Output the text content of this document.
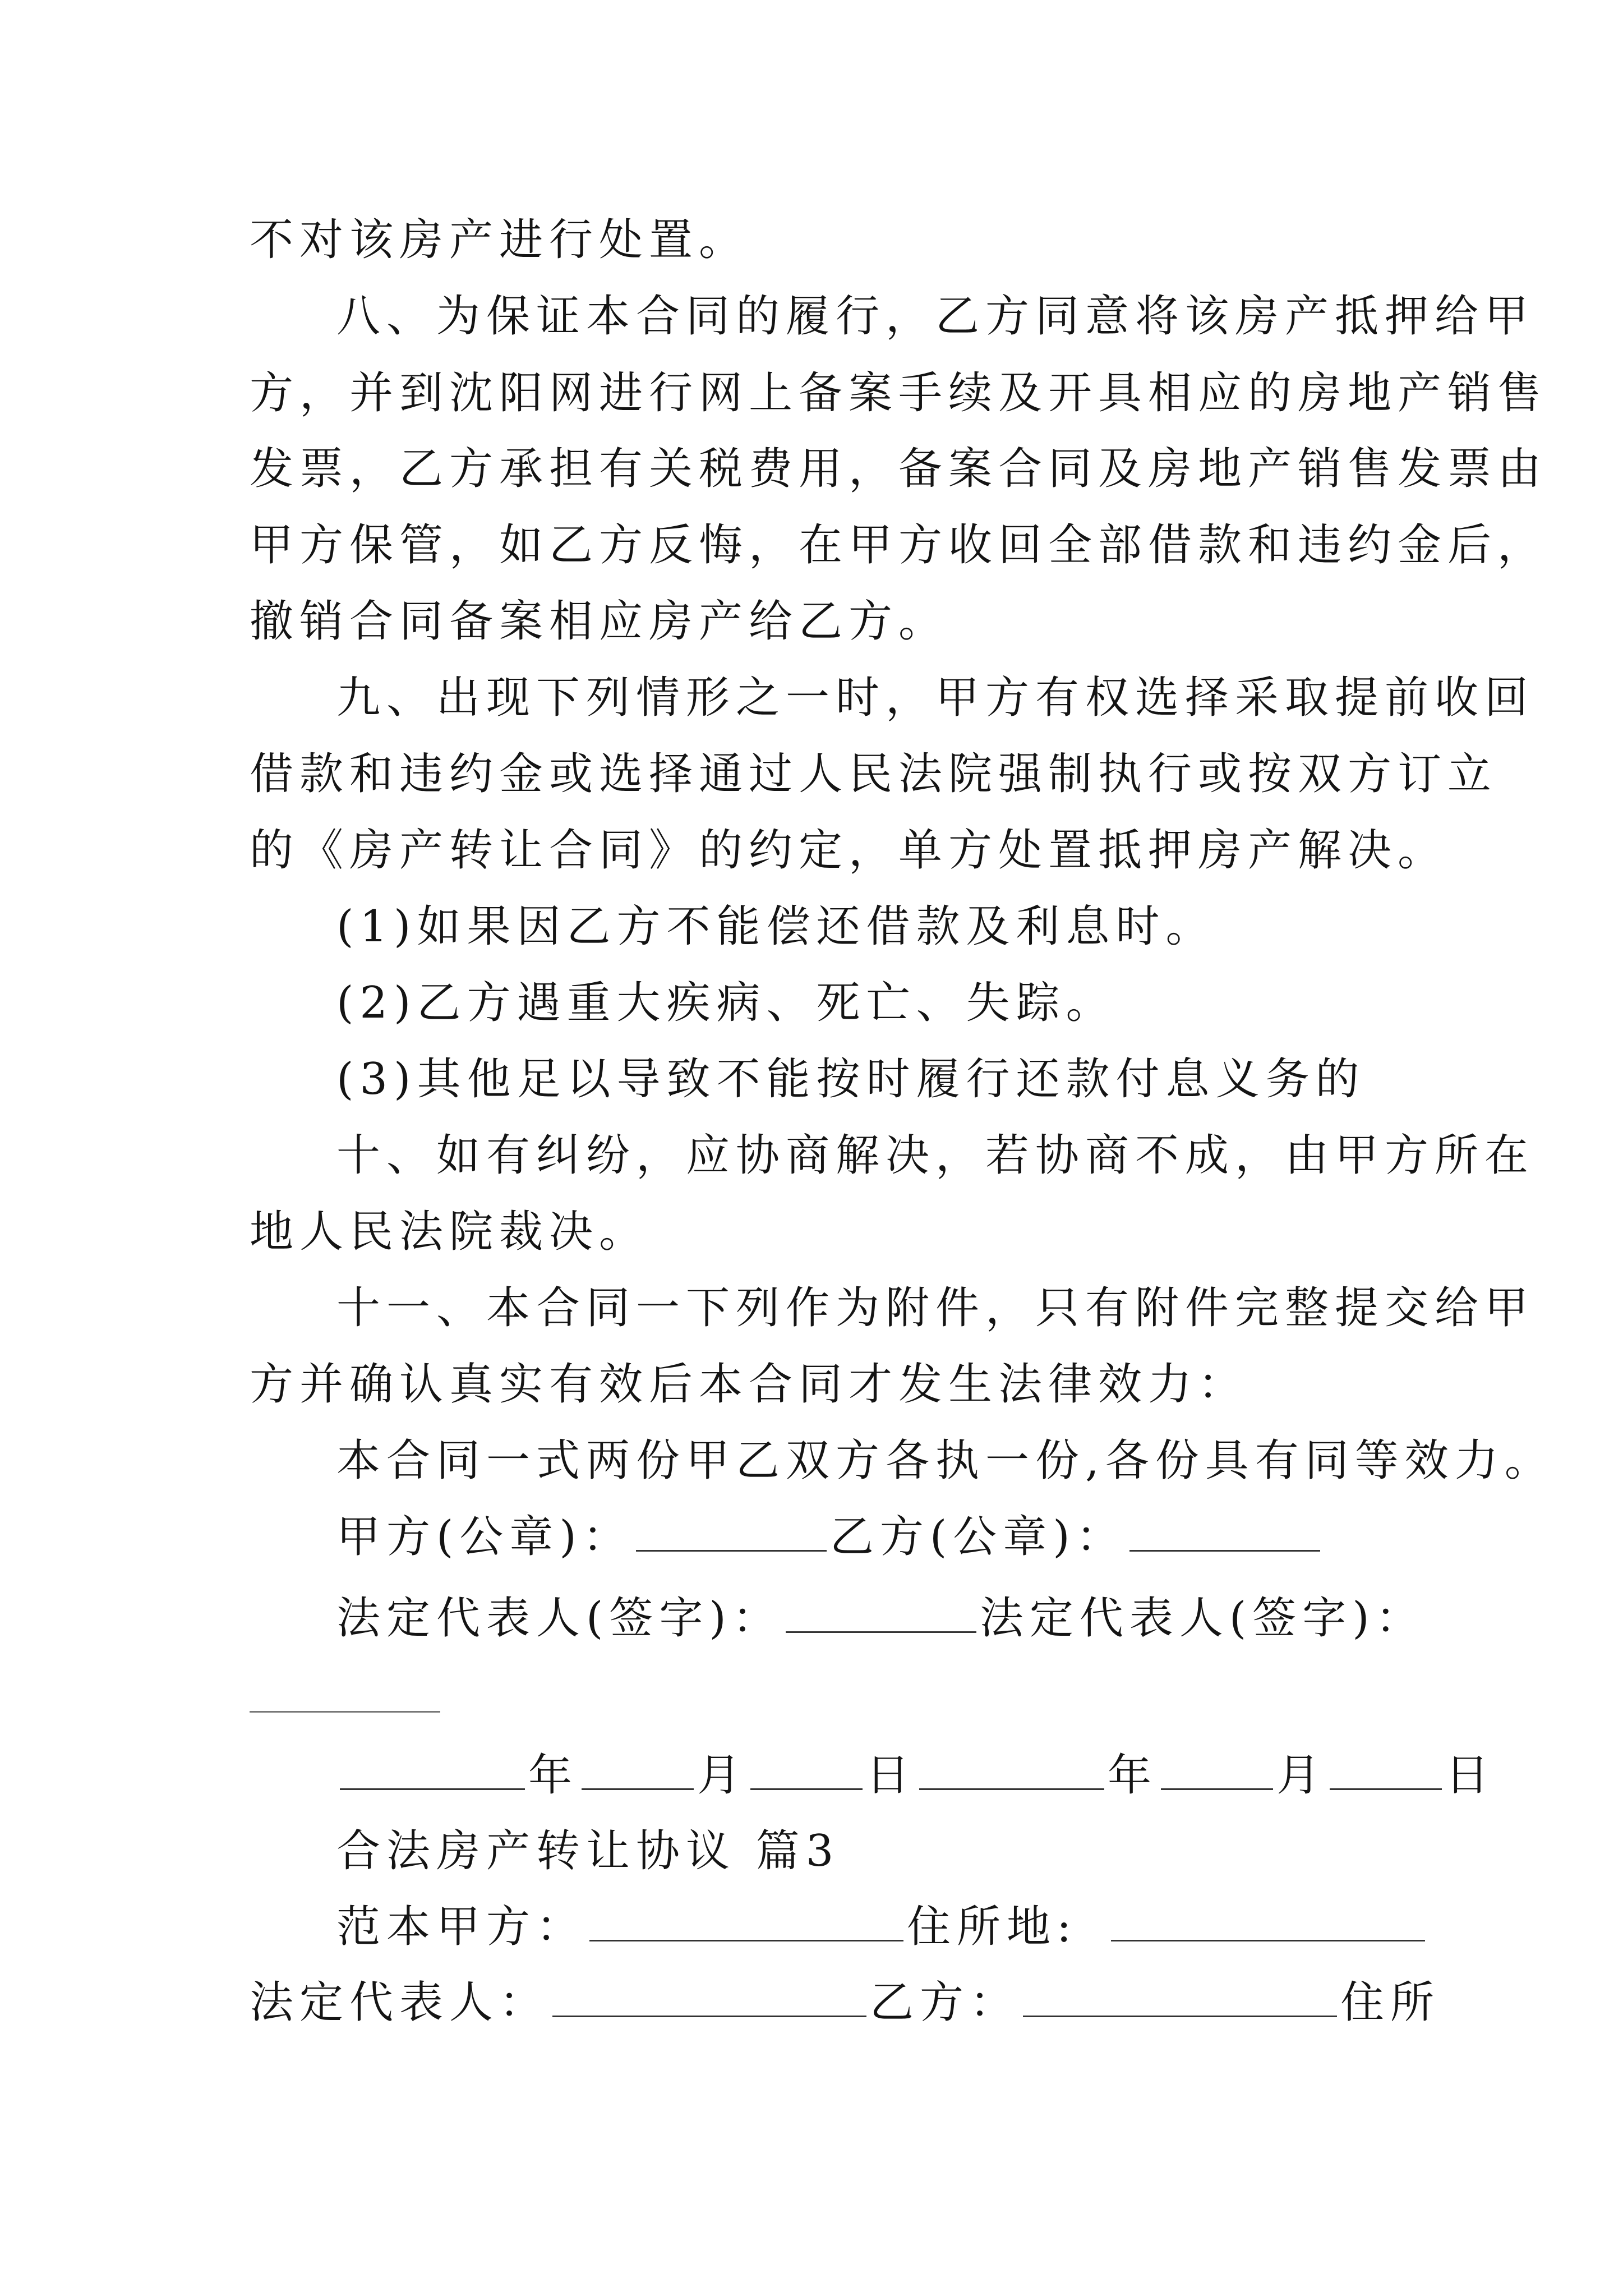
不对该房产进行处置。
八、为保证本合同的履行，乙方同意将该房产抵押给甲
方，并到沈阳网进行网上备案手续及开具相应的房地产销售
发票，乙方承担有关税费用，备案合同及房地产销售发票由
甲方保管，如乙方反悔，在甲方收回全部借款和违约金后，
撤销合同备案相应房产给乙方。
九、出现下列情形之一时，甲方有权选择采取提前收回
借款和违约金或选择通过人民法院强制执行或按双方订立
的《房产转让合同》的约定，单方处置抵押房产解决。
(1)如果因乙方不能偿还借款及利息时。
(2)乙方遇重大疾病、死亡、失踪。
(3)其他足以导致不能按时履行还款付息义务的
十、如有纠纷，应协商解决，若协商不成，由甲方所在
地人民法院裁决。
十一、本合同一下列作为附件，只有附件完整提交给甲
方并确认真实有效后本合同才发生法律效力：
本合同一式两份甲乙双方各执一份,各份具有同等效力。
甲方(公章)：	乙方(公章)：
法定代表人(签字)：	法定代表人(签字)：
年	月	日	年	月	日
合法房产转让协议 篇3
范本甲方：	住所地:
法定代表人：	乙方：	住所
